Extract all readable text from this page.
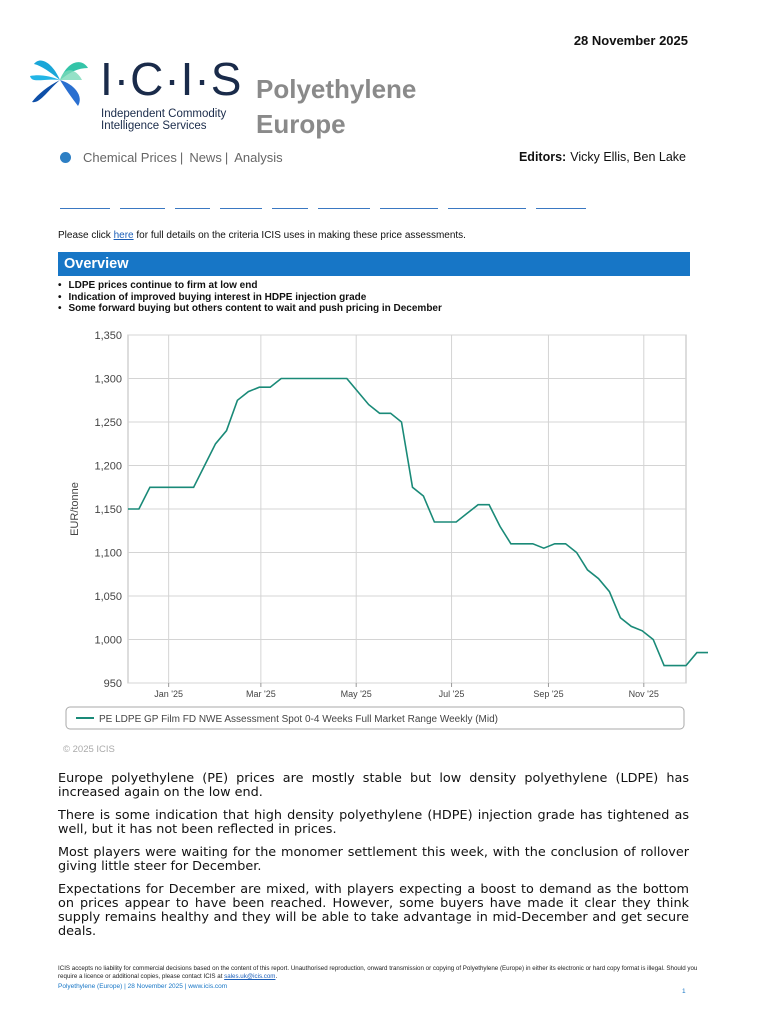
28 November 2025
I·C·I·S
Independent Commodity Intelligence Services
Polyethylene
Europe
Chemical Prices | News | Analysis	Editors: Vicky Ellis, Ben Lake
Please click here for full details on the criteria ICIS uses in making these price assessments.
Overview
• LDPE prices continue to firm at low end
• Indication of improved buying interest in HDPE injection grade
• Some forward buying but others content to wait and push pricing in December
950
1,000
1,050
1,100
1,150
1,200
1,250
1,300
1,350
Jan '25	Mar '25	May '25	Jul '25	Sep '25	Nov '25
EUR/tonne
PE LDPE GP Film FD NWE Assessment Spot 0-4 Weeks Full Market Range Weekly (Mid)
© 2025 ICIS

Europe polyethylene (PE) prices are mostly stable but low density polyethylene (LDPE) has increased again on the low end.

There is some indication that high density polyethylene (HDPE) injection grade has tightened as well, but it has not been reflected in prices.

Most players were waiting for the monomer settlement this week, with the conclusion of rollover giving little steer for December.

Expectations for December are mixed, with players expecting a boost to demand as the bottom on prices appear to have been reached. However, some buyers have made it clear they think supply remains healthy and they will be able to take advantage in mid-December and get secure deals.

ICIS accepts no liability for commercial decisions based on the content of this report. Unauthorised reproduction, onward transmission or copying of Polyethylene (Europe) in either its electronic or hard copy format is illegal. Should you require a licence or additional copies, please contact ICIS at sales.uk@icis.com.
Polyethylene (Europe) | 28 November 2025 | www.icis.com
1
